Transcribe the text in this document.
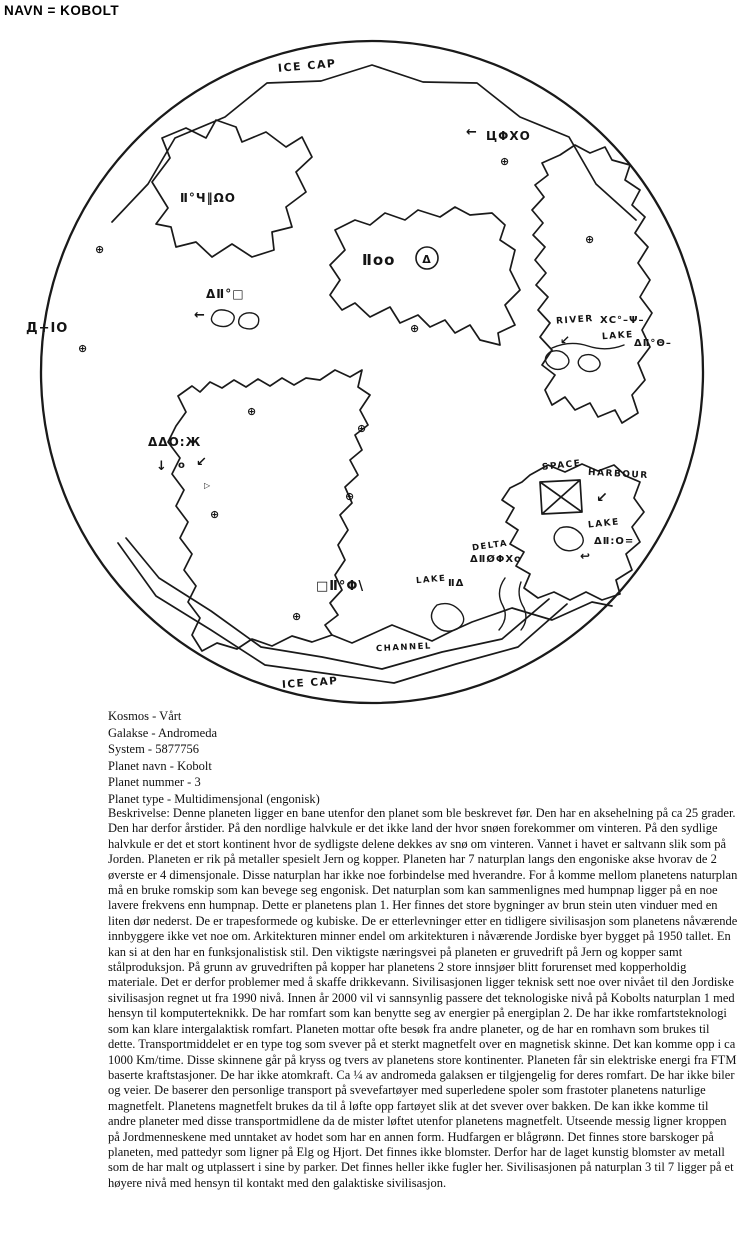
NAVN = KOBOLT
ICE CAP
Ⅱ°Ч‖ΩO
ΔⅡ°□
←
Ⅱoo Δ
□Ⅱ°Φ\
ΔΔO:Ж
↓ o ↙
▷
Д+IO
← ЦΦХO
RIVER ⅩC°–Ψ–
↙	LAKE
ΔⅡ°Θ–
SPACE
HARBOUR
↙
LAKE
ΔⅡ:O=
↩
DELTA
ΔⅡØΦХo
LAKE ⅡΔ
CHANNEL
ICE CAP
⊕
⊕
⊕
⊕
⊕
⊕
⊕
⊕
⊕
⊕
Kosmos - Vårt
Galakse - Andromeda
System - 5877756
Planet navn - Kobolt
Planet nummer - 3
Planet type - Multidimensjonal (engonisk)

Beskrivelse: Denne planeten ligger en bane utenfor den planet som ble beskrevet før. Den har en aksehelning på ca 25 grader. Den har derfor årstider. På den nordlige halvkule er det ikke land der hvor snøen forekommer om vinteren. På den sydlige halvkule er det et stort kontinent hvor de sydligste delene dekkes av snø om vinteren. Vannet i havet er saltvann slik som på Jorden. Planeten er rik på metaller spesielt Jern og kopper. Planeten har 7 naturplan langs den engoniske akse hvorav de 2 øverste er 4 dimensjonale. Disse naturplan har ikke noe forbindelse med hverandre. For å komme mellom planetens naturplan må en bruke romskip som kan bevege seg engonisk. Det naturplan som kan sammenlignes med humpnap ligger på en noe lavere frekvens enn humpnap. Dette er planetens plan 1. Her finnes det store bygninger av brun stein uten vinduer med en liten dør nederst. De er trapesformede og kubiske. De er etterlevninger etter en tidligere sivilisasjon som planetens nåværende innbyggere ikke vet noe om. Arkitekturen minner endel om arkitekturen i nåværende Jordiske byer bygget på 1950 tallet. En kan si at den har en funksjonalistisk stil. Den viktigste næringsvei på planeten er gruvedrift på Jern og kopper samt stålproduksjon. På grunn av gruvedriften på kopper har planetens 2 store innsjøer blitt forurenset med kopperholdig materiale. Det er derfor problemer med å skaffe drikkevann. Sivilisasjonen ligger teknisk sett noe over nivået til den Jordiske sivilisasjon regnet ut fra 1990 nivå. Innen år 2000 vil vi sannsynlig passere det teknologiske nivå på Kobolts naturplan 1 med hensyn til komputerteknikk. De har romfart som kan benytte seg av energier på energiplan 2. De har ikke romfartsteknologi som kan klare intergalaktisk romfart. Planeten mottar ofte besøk fra andre planeter, og de har en romhavn som brukes til dette. Transportmiddelet er en type tog som svever på et sterkt magnetfelt over en magnetisk skinne. Det kan komme opp i ca 1000 Km/time. Disse skinnene går på kryss og tvers av planetens store kontinenter. Planeten får sin elektriske energi fra FTM baserte kraftstasjoner. De har ikke atomkraft. Ca ¼ av andromeda galaksen er tilgjengelig for deres romfart. De har ikke biler og veier. De baserer den personlige transport på svevefartøyer med superledene spoler som frastoter planetens naturlige magnetfelt. Planetens magnetfelt brukes da til å løfte opp fartøyet slik at det svever over bakken. De kan ikke komme til andre planeter med disse transportmidlene da de mister løftet utenfor planetens magnetfelt. Utseende messig ligner kroppen på Jordmenneskene med unntaket av hodet som har en annen form. Hudfargen er blågrønn. Det finnes store barskoger på planeten, med pattedyr som ligner på Elg og Hjort. Det finnes ikke blomster. Derfor har de laget kunstig blomster av metall som de har malt og utplassert i sine by parker. Det finnes heller ikke fugler her. Sivilisasjonen på naturplan 3 til 7 ligger på et høyere nivå med hensyn til kontakt med den galaktiske sivilisasjon.
